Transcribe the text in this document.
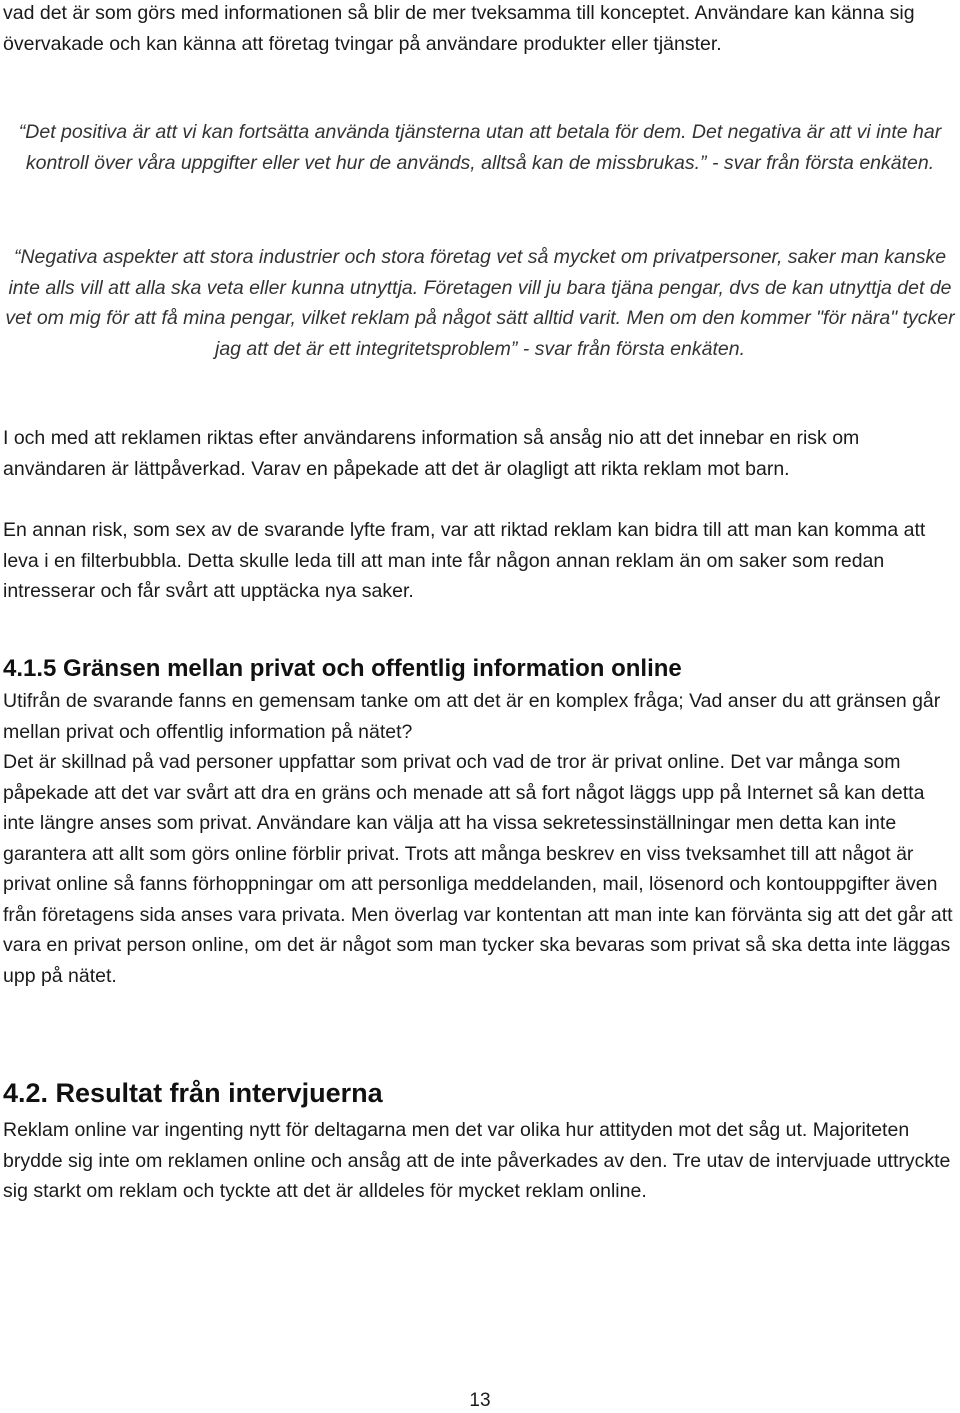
vad det är som görs med informationen så blir de mer tveksamma till konceptet. Användare kan känna sig övervakade och kan känna att företag tvingar på användare produkter eller tjänster.

“Det positiva är att vi kan fortsätta använda tjänsterna utan att betala för dem. Det negativa är att vi inte har kontroll över våra uppgifter eller vet hur de används, alltså kan de missbrukas.” - svar från första enkäten.

“Negativa aspekter att stora industrier och stora företag vet så mycket om privatpersoner, saker man kanske inte alls vill att alla ska veta eller kunna utnyttja. Företagen vill ju bara tjäna pengar, dvs de kan utnyttja det de vet om mig för att få mina pengar, vilket reklam på något sätt alltid varit. Men om den kommer "för nära" tycker jag att det är ett integritetsproblem” - svar från första enkäten.

I och med att reklamen riktas efter användarens information så ansåg nio att det innebar en risk om användaren är lättpåverkad. Varav en påpekade att det är olagligt att rikta reklam mot barn.

En annan risk, som sex av de svarande lyfte fram, var att riktad reklam kan bidra till att man kan komma att leva i en filterbubbla. Detta skulle leda till att man inte får någon annan reklam än om saker som redan intresserar och får svårt att upptäcka nya saker.

4.1.5 Gränsen mellan privat och offentlig information online

Utifrån de svarande fanns en gemensam tanke om att det är en komplex fråga; Vad anser du att gränsen går mellan privat och offentlig information på nätet?

Det är skillnad på vad personer uppfattar som privat och vad de tror är privat online. Det var många som påpekade att det var svårt att dra en gräns och menade att så fort något läggs upp på Internet så kan detta inte längre anses som privat. Användare kan välja att ha vissa sekretessinställningar men detta kan inte garantera att allt som görs online förblir privat. Trots att många beskrev en viss tveksamhet till att något är privat online så fanns förhoppningar om att personliga meddelanden, mail, lösenord och kontouppgifter även från företagens sida anses vara privata. Men överlag var kontentan att man inte kan förvänta sig att det går att vara en privat person online, om det är något som man tycker ska bevaras som privat så ska detta inte läggas upp på nätet.

4.2. Resultat från intervjuerna

Reklam online var ingenting nytt för deltagarna men det var olika hur attityden mot det såg ut. Majoriteten brydde sig inte om reklamen online och ansåg att de inte påverkades av den. Tre utav de intervjuade uttryckte sig starkt om reklam och tyckte att det är alldeles för mycket reklam online.

13
